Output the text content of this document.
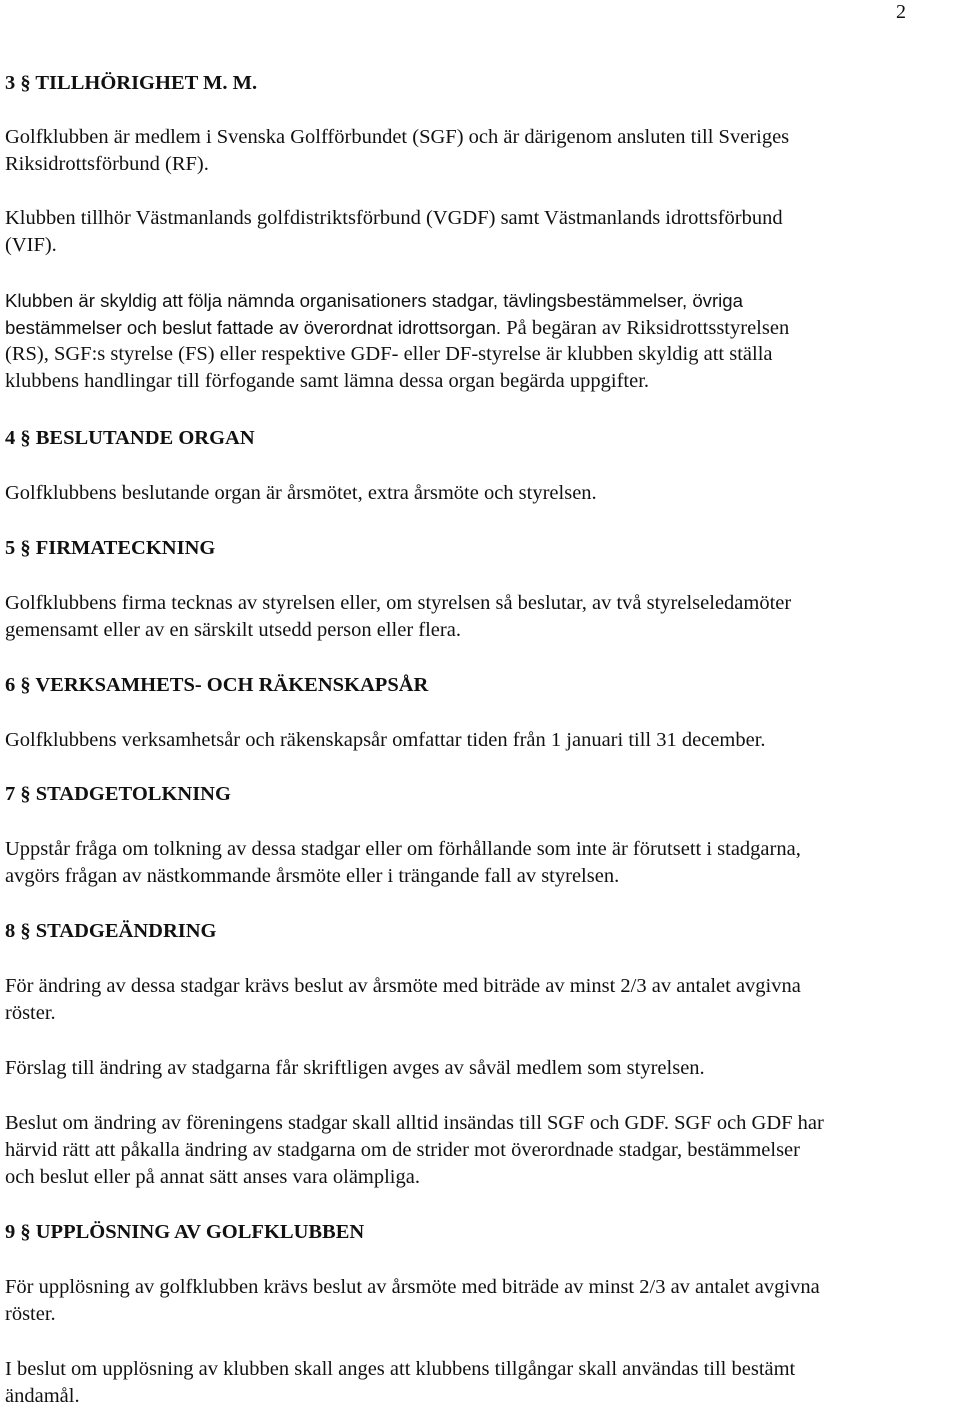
2
3 § TILLHÖRIGHET M. M.
Golfklubben är medlem i Svenska Golfförbundet (SGF) och är därigenom ansluten till Sveriges
Riksidrottsförbund (RF).
Klubben tillhör Västmanlands golfdistriktsförbund (VGDF) samt Västmanlands idrottsförbund
(VIF).
Klubben är skyldig att följa nämnda organisationers stadgar, tävlingsbestämmelser, övriga
bestämmelser och beslut fattade av överordnat idrottsorgan. På begäran av Riksidrottsstyrelsen
(RS), SGF:s styrelse (FS) eller respektive GDF- eller DF-styrelse är klubben skyldig att ställa
klubbens handlingar till förfogande samt lämna dessa organ begärda uppgifter.
4 § BESLUTANDE ORGAN
Golfklubbens beslutande organ är årsmötet, extra årsmöte och styrelsen.
5 § FIRMATECKNING
Golfklubbens firma tecknas av styrelsen eller, om styrelsen så beslutar, av två styrelseledamöter
gemensamt eller av en särskilt utsedd person eller flera.
6 § VERKSAMHETS- OCH RÄKENSKAPSÅR
Golfklubbens verksamhetsår och räkenskapsår omfattar tiden från 1 januari till 31 december.
7 § STADGETOLKNING
Uppstår fråga om tolkning av dessa stadgar eller om förhållande som inte är förutsett i stadgarna,
avgörs frågan av nästkommande årsmöte eller i trängande fall av styrelsen.
8 § STADGEÄNDRING
För ändring av dessa stadgar krävs beslut av årsmöte med biträde av minst 2/3 av antalet avgivna
röster.
Förslag till ändring av stadgarna får skriftligen avges av såväl medlem som styrelsen.
Beslut om ändring av föreningens stadgar skall alltid insändas till SGF och GDF. SGF och GDF har
härvid rätt att påkalla ändring av stadgarna om de strider mot överordnade stadgar, bestämmelser
och beslut eller på annat sätt anses vara olämpliga.
9 § UPPLÖSNING AV GOLFKLUBBEN
För upplösning av golfklubben krävs beslut av årsmöte med biträde av minst 2/3 av antalet avgivna
röster.
I beslut om upplösning av klubben skall anges att klubbens tillgångar skall användas till bestämt
ändamål.
